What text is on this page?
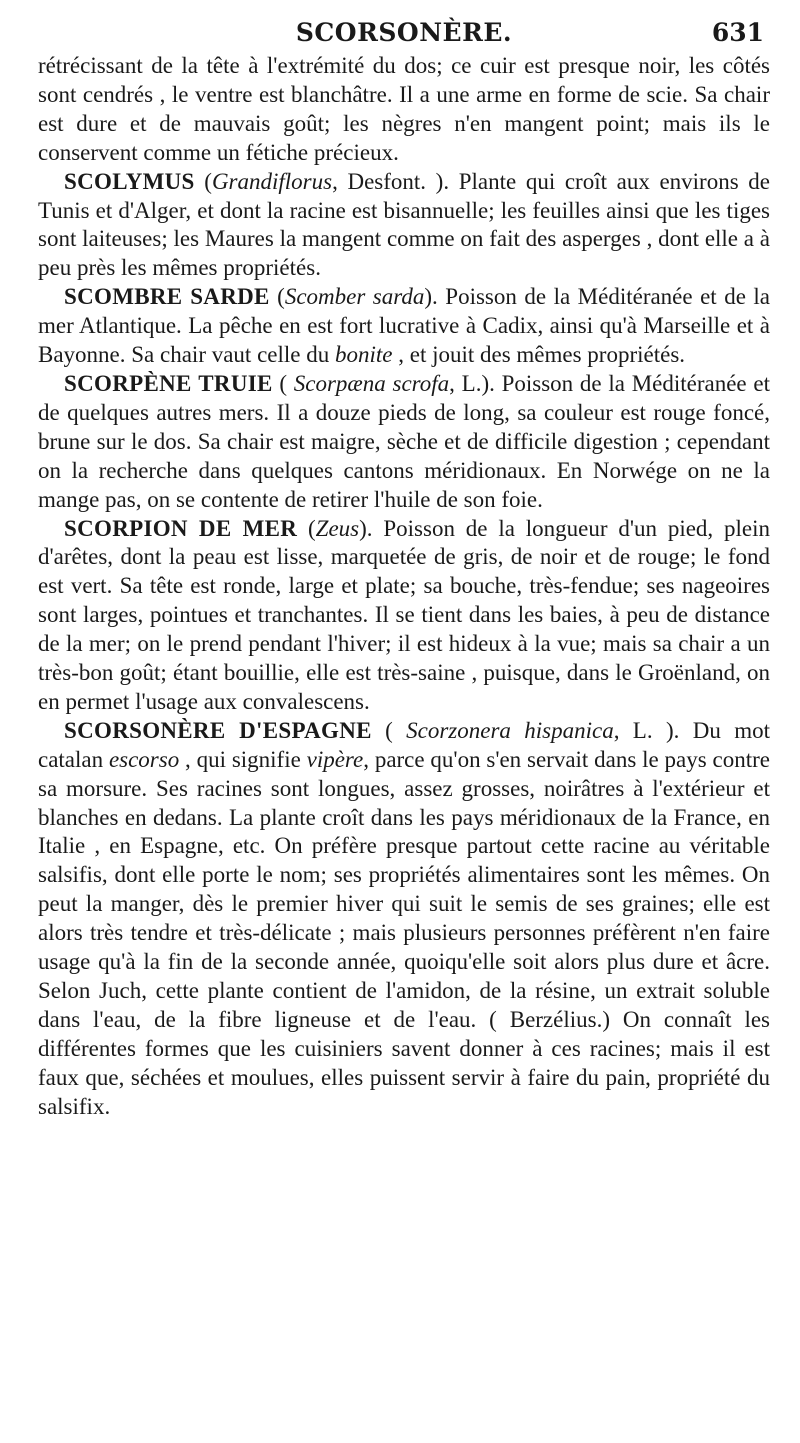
SCORSONÈRE.	631

rétrécissant de la tête à l'extrémité du dos; ce cuir est presque noir, les côtés sont cendrés , le ventre est blanchâtre. Il a une arme en forme de scie. Sa chair est dure et de mauvais goût; les nègres n'en mangent point; mais ils le conservent comme un fétiche précieux.

SCOLYMUS (Grandiflorus, Desfont. ). Plante qui croît aux environs de Tunis et d'Alger, et dont la racine est bisannuelle; les feuilles ainsi que les tiges sont laiteuses; les Maures la mangent comme on fait des asperges , dont elle a à peu près les mêmes propriétés.

SCOMBRE SARDE (Scomber sarda). Poisson de la Méditéranée et de la mer Atlantique. La pêche en est fort lucrative à Cadix, ainsi qu'à Marseille et à Bayonne. Sa chair vaut celle du bonite , et jouit des mêmes propriétés.

SCORPÈNE TRUIE ( Scorpæna scrofa, L.). Poisson de la Méditéranée et de quelques autres mers. Il a douze pieds de long, sa couleur est rouge foncé, brune sur le dos. Sa chair est maigre, sèche et de difficile digestion ; cependant on la recherche dans quelques cantons méridionaux. En Norwége on ne la mange pas, on se contente de retirer l'huile de son foie.

SCORPION DE MER (Zeus). Poisson de la longueur d'un pied, plein d'arêtes, dont la peau est lisse, marquetée de gris, de noir et de rouge; le fond est vert. Sa tête est ronde, large et plate; sa bouche, très-fendue; ses nageoires sont larges, pointues et tranchantes. Il se tient dans les baies, à peu de distance de la mer; on le prend pendant l'hiver; il est hideux à la vue; mais sa chair a un très-bon goût; étant bouillie, elle est très-saine , puisque, dans le Groënland, on en permet l'usage aux convalescens.

SCORSONÈRE D'ESPAGNE ( Scorzonera hispanica, L. ). Du mot catalan escorso , qui signifie vipère, parce qu'on s'en servait dans le pays contre sa morsure. Ses racines sont longues, assez grosses, noirâtres à l'extérieur et blanches en dedans. La plante croît dans les pays méridionaux de la France, en Italie , en Espagne, etc. On préfère presque partout cette racine au véritable salsifis, dont elle porte le nom; ses propriétés alimentaires sont les mêmes. On peut la manger, dès le premier hiver qui suit le semis de ses graines; elle est alors très tendre et très-délicate ; mais plusieurs personnes préfèrent n'en faire usage qu'à la fin de la seconde année, quoiqu'elle soit alors plus dure et âcre. Selon Juch, cette plante contient de l'amidon, de la résine, un extrait soluble dans l'eau, de la fibre ligneuse et de l'eau. ( Berzélius.) On connaît les différentes formes que les cuisiniers savent donner à ces racines; mais il est faux que, séchées et moulues, elles puissent servir à faire du pain, propriété du salsifix.
